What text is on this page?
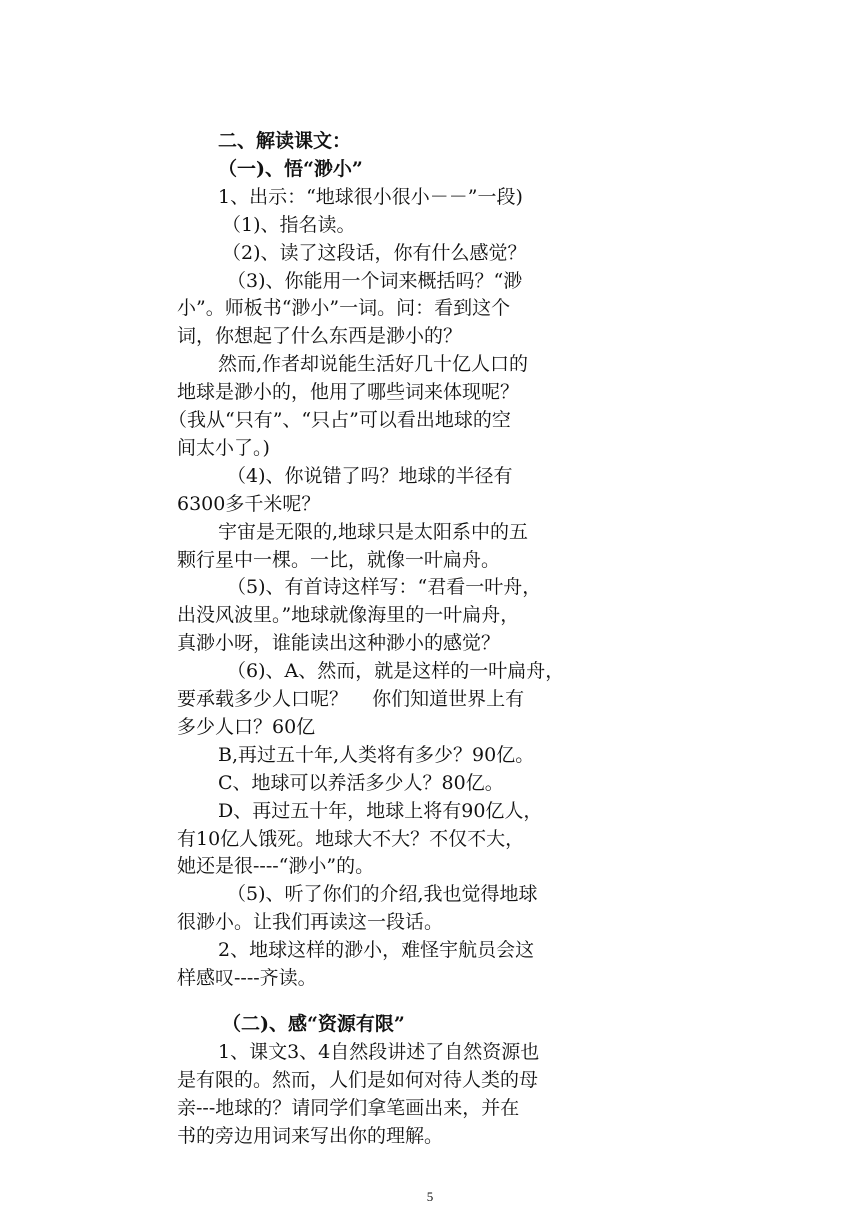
二、解读课文：
（一)、悟“渺小”
1、出示：“地球很小很小－－”一段)
（1)、指名读。
（2)、读了这段话，你有什么感觉？
（3)、你能用一个词来概括吗？“渺
小”。师板书“渺小”一词。问：看到这个
词，你想起了什么东西是渺小的？
然而,作者却说能生活好几十亿人口的
地球是渺小的，他用了哪些词来体现呢？
（我从“只有”、“只占”可以看出地球的空
间太小了。)
（4)、你说错了吗？地球的半径有
6300多千米呢？
宇宙是无限的,地球只是太阳系中的五
颗行星中一棵。一比，就像一叶扁舟。
（5)、有首诗这样写：“君看一叶舟，
出没风波里。”地球就像海里的一叶扁舟，
真渺小呀，谁能读出这种渺小的感觉？
（6)、A、然而，就是这样的一叶扁舟，
要承载多少人口呢？    你们知道世界上有
多少人口？60亿
B,再过五十年,人类将有多少？90亿。
C、地球可以养活多少人？80亿。
D、再过五十年，地球上将有90亿人，
有10亿人饿死。地球大不大？不仅不大，
她还是很----“渺小”的。
（5)、听了你们的介绍,我也觉得地球
很渺小。让我们再读这一段话。
2、地球这样的渺小，难怪宇航员会这
样感叹----齐读。
（二)、感“资源有限”
1、课文3、4自然段讲述了自然资源也
是有限的。然而，人们是如何对待人类的母
亲---地球的？请同学们拿笔画出来，并在
书的旁边用词来写出你的理解。
5
